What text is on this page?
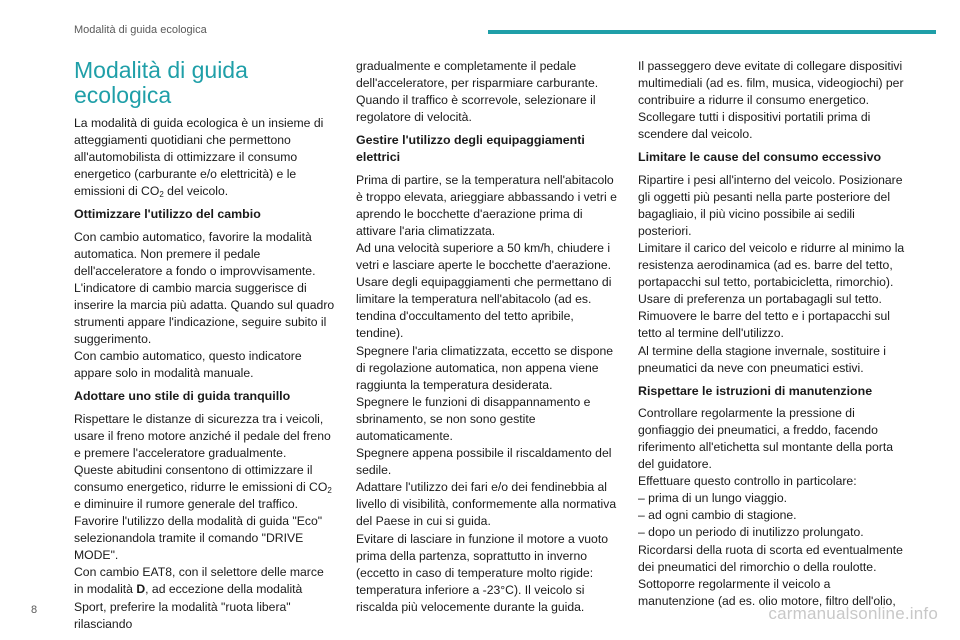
Modalità di guida ecologica
Modalità di guida ecologica

La modalità di guida ecologica è un insieme di atteggiamenti quotidiani che permettono all'automobilista di ottimizzare il consumo energetico (carburante e/o elettricità) e le emissioni di $CO_2$ del veicolo.

Ottimizzare l'utilizzo del cambio

Con cambio automatico, favorire la modalità automatica. Non premere il pedale dell'acceleratore a fondo o improvvisamente.

L'indicatore di cambio marcia suggerisce di inserire la marcia più adatta. Quando sul quadro strumenti appare l'indicazione, seguire subito il suggerimento.

Con cambio automatico, questo indicatore appare solo in modalità manuale.

Adottare uno stile di guida tranquillo

Rispettare le distanze di sicurezza tra i veicoli, usare il freno motore anziché il pedale del freno e premere l'acceleratore gradualmente.

Queste abitudini consentono di ottimizzare il consumo energetico, ridurre le emissioni di $CO_2$ e diminuire il rumore generale del traffico.

Favorire l'utilizzo della modalità di guida "Eco" selezionandola tramite il comando "DRIVE MODE".

Con cambio EAT8, con il selettore delle marce in modalità D, ad eccezione della modalità Sport, preferire la modalità "ruota libera" rilasciando

gradualmente e completamente il pedale dell'acceleratore, per risparmiare carburante.

Quando il traffico è scorrevole, selezionare il regolatore di velocità.

Gestire l'utilizzo degli equipaggiamenti elettrici

Prima di partire, se la temperatura nell'abitacolo è troppo elevata, arieggiare abbassando i vetri e aprendo le bocchette d'aerazione prima di attivare l'aria climatizzata.

Ad una velocità superiore a 50 km/h, chiudere i vetri e lasciare aperte le bocchette d'aerazione.

Usare degli equipaggiamenti che permettano di limitare la temperatura nell'abitacolo (ad es. tendina d'occultamento del tetto apribile, tendine).

Spegnere l'aria climatizzata, eccetto se dispone di regolazione automatica, non appena viene raggiunta la temperatura desiderata.

Spegnere le funzioni di disappannamento e sbrinamento, se non sono gestite automaticamente.

Spegnere appena possibile il riscaldamento del sedile.

Adattare l'utilizzo dei fari e/o dei fendinebbia al livello di visibilità, conformemente alla normativa del Paese in cui si guida.

Evitare di lasciare in funzione il motore a vuoto prima della partenza, soprattutto in inverno (eccetto in caso di temperature molto rigide: temperatura inferiore a -23°C). Il veicolo si riscalda più velocemente durante la guida.

Il passeggero deve evitate di collegare dispositivi multimediali (ad es. film, musica, videogiochi) per contribuire a ridurre il consumo energetico.

Scollegare tutti i dispositivi portatili prima di scendere dal veicolo.

Limitare le cause del consumo eccessivo

Ripartire i pesi all'interno del veicolo. Posizionare gli oggetti più pesanti nella parte posteriore del bagagliaio, il più vicino possibile ai sedili posteriori.

Limitare il carico del veicolo e ridurre al minimo la resistenza aerodinamica (ad es. barre del tetto, portapacchi sul tetto, portabicicletta, rimorchio). Usare di preferenza un portabagagli sul tetto.

Rimuovere le barre del tetto e i portapacchi sul tetto al termine dell'utilizzo.

Al termine della stagione invernale, sostituire i pneumatici da neve con pneumatici estivi.

Rispettare le istruzioni di manutenzione

Controllare regolarmente la pressione di gonfiaggio dei pneumatici, a freddo, facendo riferimento all'etichetta sul montante della porta del guidatore.

Effettuare questo controllo in particolare:

– prima di un lungo viaggio.

– ad ogni cambio di stagione.

– dopo un periodo di inutilizzo prolungato.

Ricordarsi della ruota di scorta ed eventualmente dei pneumatici del rimorchio o della roulotte.

Sottoporre regolarmente il veicolo a manutenzione (ad es. olio motore, filtro dell'olio,

8	carmanualsonline.info
